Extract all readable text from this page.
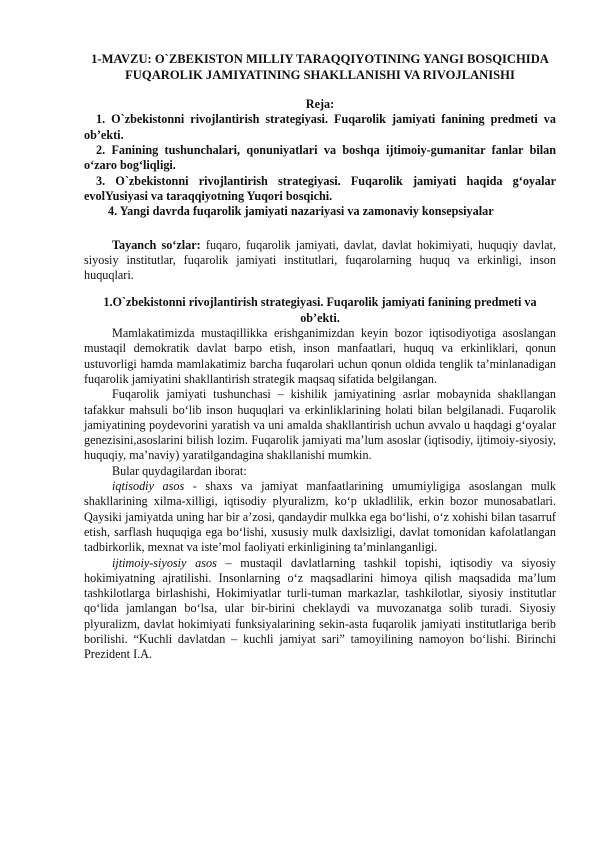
1-MAVZU: O`ZBEKISTON MILLIY TARAQQIYOTINING YANGI BOSQICHIDA FUQAROLIK JAMIYATINING SHAKLLANISHI VA RIVOJLANISHI

Reja:

1. O`zbekistonni rivojlantirish strategiyasi. Fuqarolik jamiyati fanining predmeti va ob’ekti.
2. Fanining tushunchalari, qonuniyatlari va boshqa ijtimoiy-gumanitar fanlar bilan o‘zaro bog‘liqligi.
3. O`zbekistonni rivojlantirish strategiyasi. Fuqarolik jamiyati haqida g‘oyalar evolYusiyasi va taraqqiyotning Yuqori bosqichi.
4. Yangi davrda fuqarolik jamiyati nazariyasi va zamonaviy konsepsiyalar

Tayanch so‘zlar: fuqaro, fuqarolik jamiyati, davlat, davlat hokimiyati, huquqiy davlat, siyosiy institutlar, fuqarolik jamiyati institutlari, fuqarolarning huquq va erkinligi, inson huquqlari.

1.O`zbekistonni rivojlantirish strategiyasi. Fuqarolik jamiyati fanining predmeti va ob’ekti.

Mamlakatimizda mustaqillikka erishganimizdan keyin bozor iqtisodiyotiga asoslangan mustaqil demokratik davlat barpo etish, inson manfaatlari, huquq va erkinliklari, qonun ustuvorligi hamda mamlakatimiz barcha fuqarolari uchun qonun oldida tenglik ta’minlanadigan fuqarolik jamiyatini shakllantirish strategik maqsaq sifatida belgilangan.

Fuqarolik jamiyati tushunchasi – kishilik jamiyatining asrlar mobaynida shakllangan tafakkur mahsuli bo‘lib inson huquqlari va erkinliklarining holati bilan belgilanadi. Fuqarolik jamiyatining poydevorini yaratish va uni amalda shakllantirish uchun avvalo u haqdagi g‘oyalar genezisini,asoslarini bilish lozim. Fuqarolik jamiyati ma’lum asoslar (iqtisodiy, ijtimoiy-siyosiy, huquqiy, ma’naviy) yaratilgandagina shakllanishi mumkin.

Bular quydagilardan iborat:

iqtisodiy asos - shaxs va jamiyat manfaatlarining umumiyligiga asoslangan mulk shakllarining xilma-xilligi, iqtisodiy plyuralizm, ko‘p ukladlilik, erkin bozor munosabatlari. Qaysiki jamiyatda uning har bir a’zosi, qandaydir mulkka ega bo‘lishi, o‘z xohishi bilan tasarruf etish, sarflash huquqiga ega bo‘lishi, xususiy mulk daxlsizligi, davlat tomonidan kafolatlangan tadbirkorlik, mexnat va iste’mol faoliyati erkinligining ta’minlanganligi.

ijtimoiy-siyosiy asos – mustaqil davlatlarning tashkil topishi, iqtisodiy va siyosiy hokimiyatning ajratilishi. Insonlarning o‘z maqsadlarini himoya qilish maqsadida ma’lum tashkilotlarga birlashishi, Hokimiyatlar turli-tuman markazlar, tashkilotlar, siyosiy institutlar qo‘lida jamlangan bo‘lsa, ular bir-birini cheklaydi va muvozanatga solib turadi. Siyosiy plyuralizm, davlat hokimiyati funksiyalarining sekin-asta fuqarolik jamiyati institutlariga berib borilishi. “Kuchli davlatdan – kuchli jamiyat sari” tamoyilining namoyon bo‘lishi. Birinchi Prezident I.A.
